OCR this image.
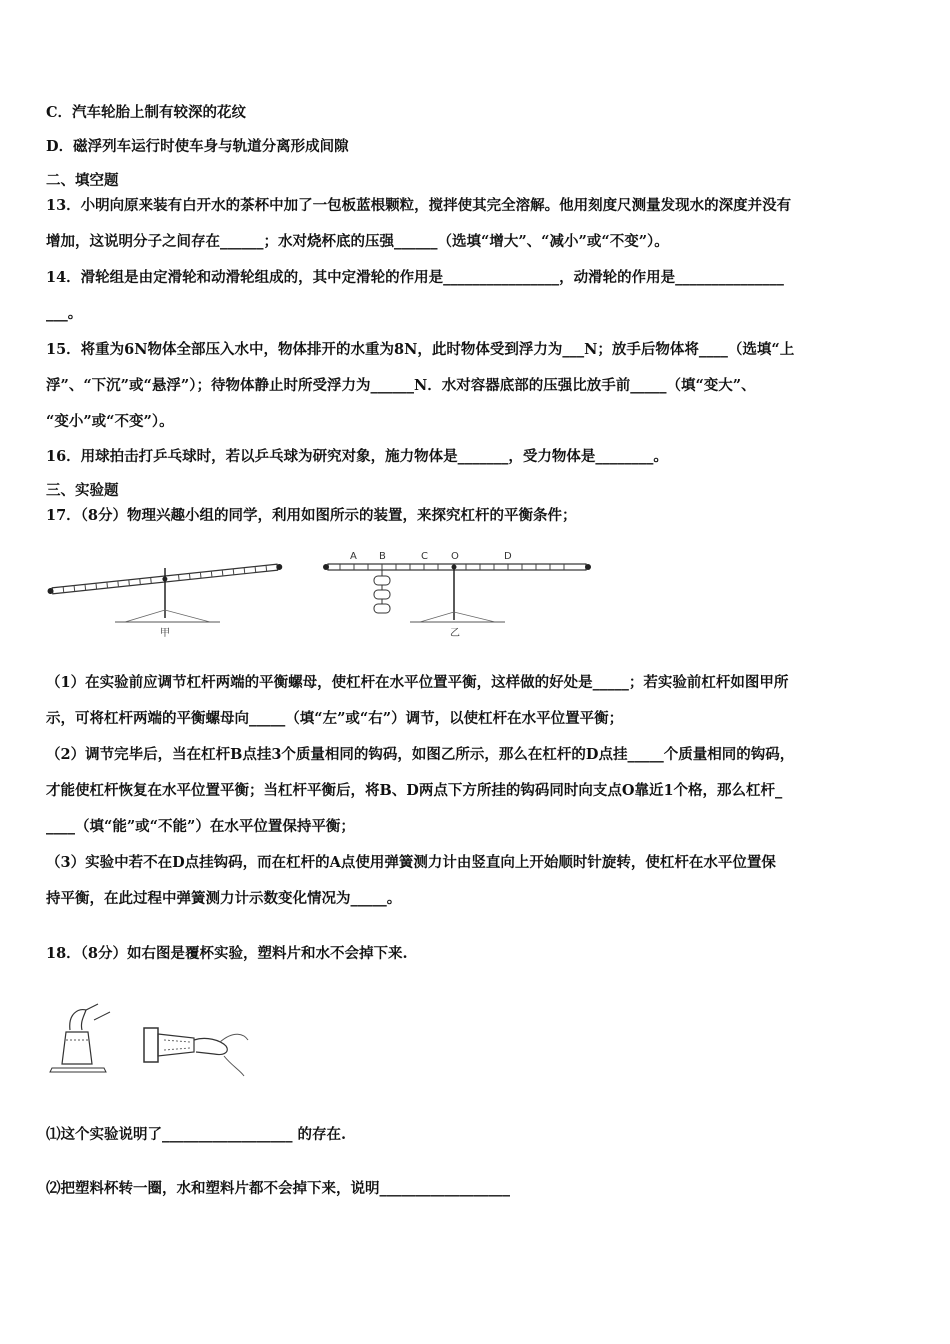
C．汽车轮胎上制有较深的花纹
D．磁浮列车运行时使车身与轨道分离形成间隙
二、填空题
13．小明向原来装有白开水的茶杯中加了一包板蓝根颗粒，搅拌使其完全溶解。他用刻度尺测量发现水的深度并没有
增加，这说明分子之间存在______；水对烧杯底的压强______（选填“增大”、“减小”或“不变”）。
14．滑轮组是由定滑轮和动滑轮组成的，其中定滑轮的作用是________________，动滑轮的作用是_______________
___。
15．将重为6N物体全部压入水中，物体排开的水重为8N，此时物体受到浮力为___N；放手后物体将____（选填“上
浮”、“下沉”或“悬浮”）；待物体静止时所受浮力为______N．水对容器底部的压强比放手前_____（填“变大”、
“变小”或“不变”）。
16．用球拍击打乒乓球时，若以乒乓球为研究对象，施力物体是_______，受力物体是________。
三、实验题
17．（8分）物理兴趣小组的同学，利用如图所示的装置，来探究杠杆的平衡条件；
甲
A B	C O	D
乙
（1）在实验前应调节杠杆两端的平衡螺母，使杠杆在水平位置平衡，这样做的好处是_____；若实验前杠杆如图甲所
示，可将杠杆两端的平衡螺母向_____（填“左”或“右”）调节，以使杠杆在水平位置平衡；
（2）调节完毕后，当在杠杆B点挂3个质量相同的钩码，如图乙所示，那么在杠杆的D点挂_____个质量相同的钩码，
才能使杠杆恢复在水平位置平衡；当杠杆平衡后，将B、D两点下方所挂的钩码同时向支点O靠近1个格，那么杠杆_
____（填“能”或“不能”）在水平位置保持平衡；
（3）实验中若不在D点挂钩码，而在杠杆的A点使用弹簧测力计由竖直向上开始顺时针旋转，使杠杆在水平位置保
持平衡，在此过程中弹簧测力计示数变化情况为_____。
18．（8分）如右图是覆杯实验，塑料片和水不会掉下来.
⑴这个实验说明了__________________ 的存在.
⑵把塑料杯转一圈，水和塑料片都不会掉下来，说明__________________
